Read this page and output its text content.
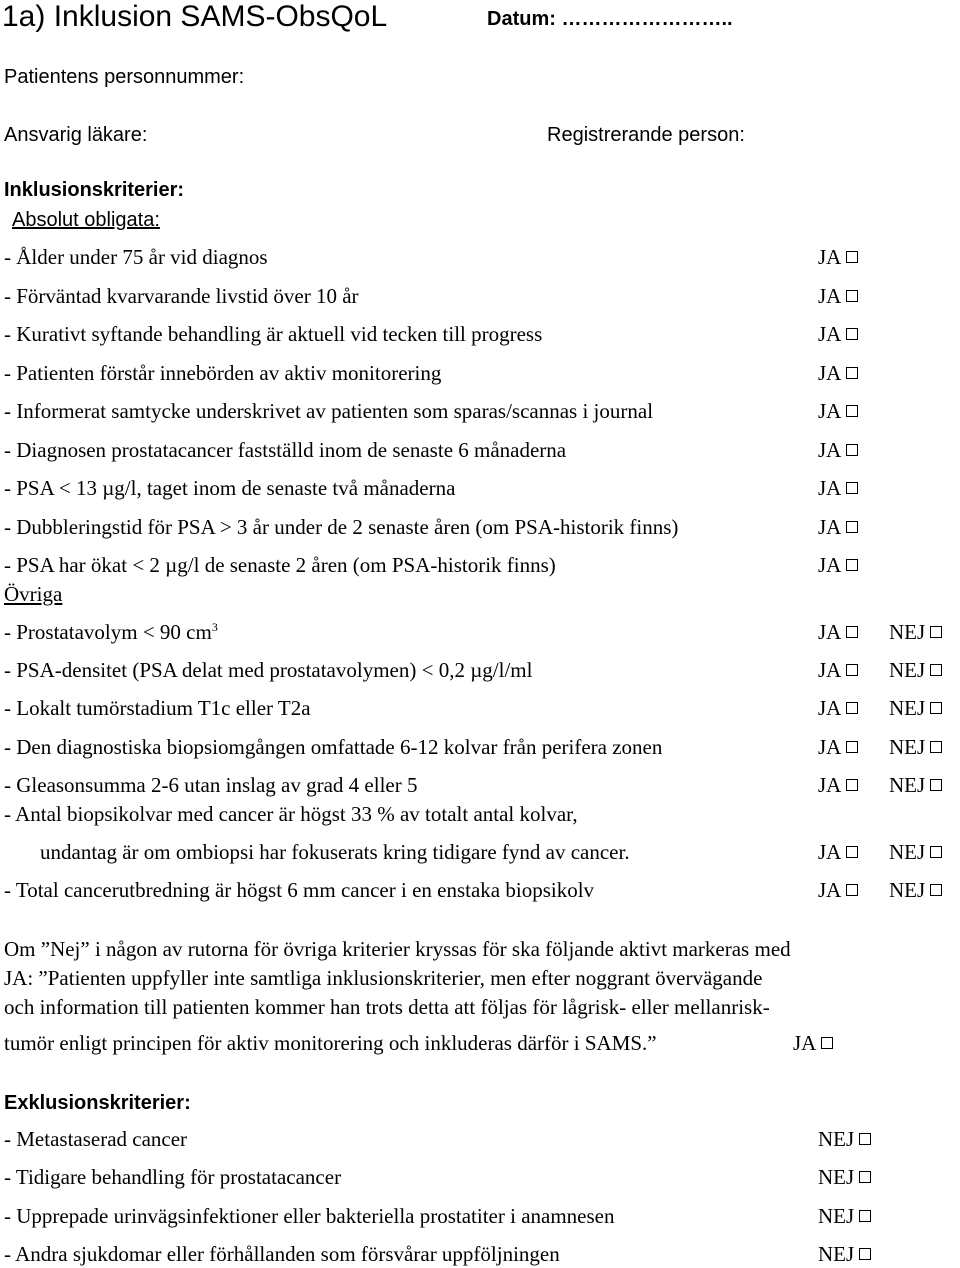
1a) Inklusion SAMS-ObsQoL	Datum: ……………………..
Patientens personnummer:
Ansvarig läkare:	Registrerande person:
Inklusionskriterier:
Absolut obligata:
- Ålder under 75 år vid diagnos	JA
- Förväntad kvarvarande livstid över 10 år	JA
- Kurativt syftande behandling är aktuell vid tecken till progress	JA
- Patienten förstår innebörden av aktiv monitorering	JA
- Informerat samtycke underskrivet av patienten som sparas/scannas i journal	JA
- Diagnosen prostatacancer fastställd inom de senaste 6 månaderna	JA
- PSA < 13 µg/l, taget inom de senaste två månaderna	JA
- Dubbleringstid för PSA > 3 år under de 2 senaste åren (om PSA-historik finns)	JA
- PSA har ökat < 2 µg/l de senaste 2 åren (om PSA-historik finns)	JA
Övriga
- Prostatavolym < 90 $cm^3$	JA	NEJ
- PSA-densitet (PSA delat med prostatavolymen) < 0,2 µg/l/ml	JA	NEJ
- Lokalt tumörstadium T1c eller T2a	JA	NEJ
- Den diagnostiska biopsiomgången omfattade 6-12 kolvar från perifera zonen	JA	NEJ
- Gleasonsumma 2-6 utan inslag av grad 4 eller 5	JA	NEJ
- Antal biopsikolvar med cancer är högst 33 % av totalt antal kolvar,
undantag är om ombiopsi har fokuserats kring tidigare fynd av cancer.	JA	NEJ
- Total cancerutbredning är högst 6 mm cancer i en enstaka biopsikolv	JA	NEJ
Om ”Nej” i någon av rutorna för övriga kriterier kryssas för ska följande aktivt markeras med
JA: ”Patienten uppfyller inte samtliga inklusionskriterier, men efter noggrant övervägande
och information till patienten kommer han trots detta att följas för lågrisk- eller mellanrisk-
tumör enligt principen för aktiv monitorering och inkluderas därför i SAMS.”	JA
Exklusionskriterier:
- Metastaserad cancer	NEJ
- Tidigare behandling för prostatacancer	NEJ
- Upprepade urinvägsinfektioner eller bakteriella prostatiter i anamnesen	NEJ
- Andra sjukdomar eller förhållanden som försvårar uppföljningen	NEJ
